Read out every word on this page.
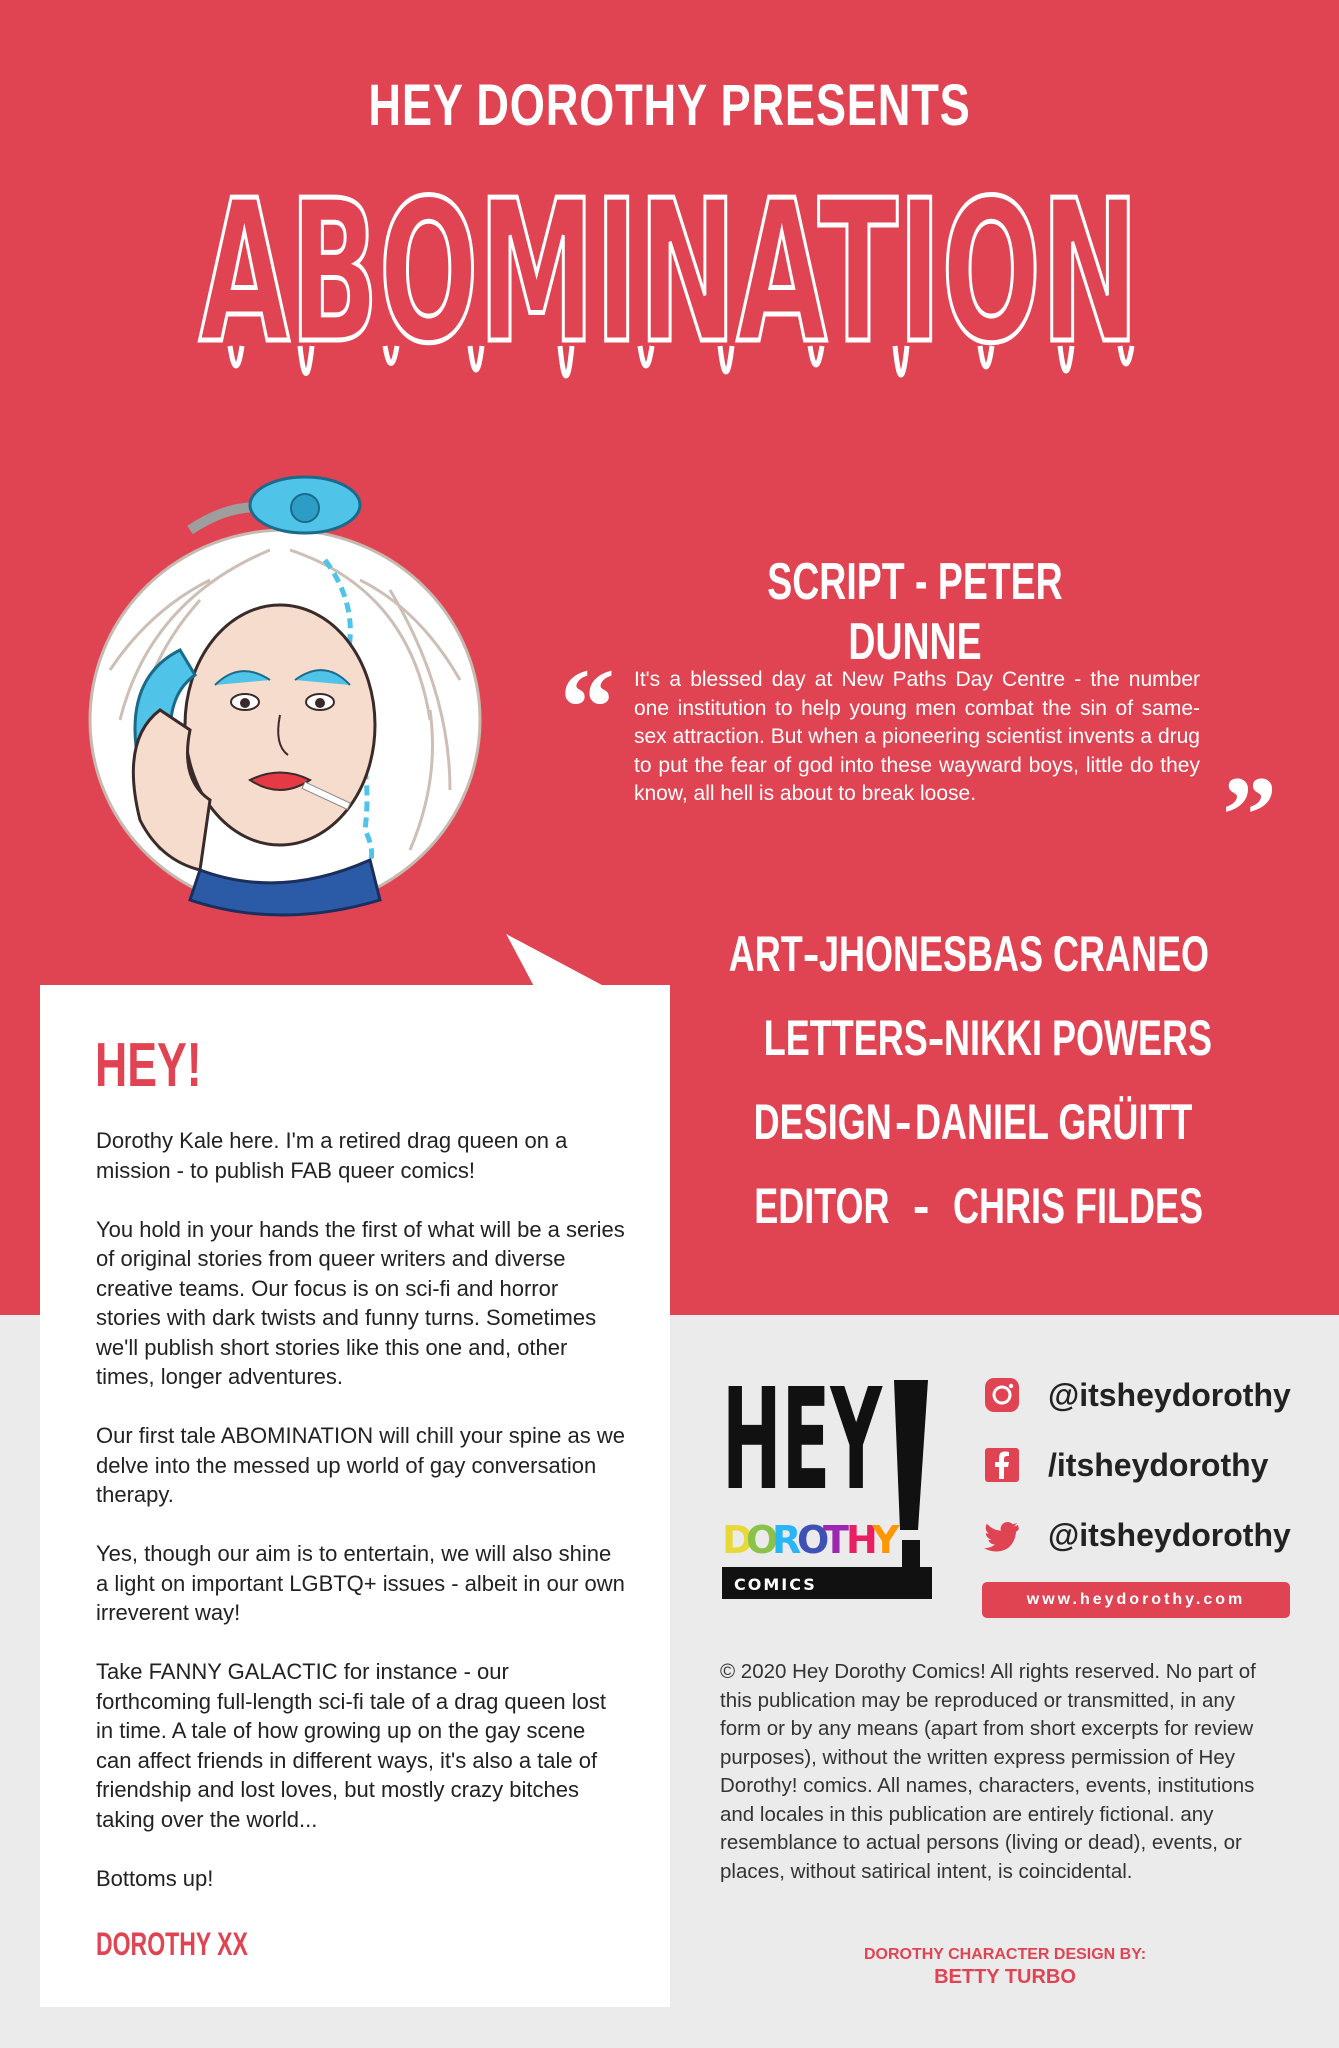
HEY DOROTHY PRESENTS
ABOMINATION
SCRIPT - PETER DUNNE
“ It's a blessed day at New Paths Day Centre - the number one institution to help young men combat the sin of same-sex attraction. But when a pioneering scientist invents a drug to put the fear of god into these wayward boys, little do they know, all hell is about to break loose.	”
ART - JHONESBAS CRANEO
LETTERS - NIKKI POWERS
DESIGN - DANIEL GRÜITT
EDITOR - CHRIS FILDES
HEY!

Dorothy Kale here. I'm a retired drag queen on a mission - to publish FAB queer comics!

You hold in your hands the first of what will be a series of original stories from queer writers and diverse creative teams. Our focus is on sci-fi and horror stories with dark twists and funny turns. Sometimes we'll publish short stories like this one and, other times, longer adventures.

Our first tale ABOMINATION will chill your spine as we delve into the messed up world of gay conversation therapy.

Yes, though our aim is to entertain, we will also shine a light on important LGBTQ+ issues - albeit in our own irreverent way!

Take FANNY GALACTIC for instance - our forthcoming full-length sci-fi tale of a drag queen lost in time. A tale of how growing up on the gay scene can affect friends in different ways, it's also a tale of friendship and lost loves, but mostly crazy bitches taking over the world...

Bottoms up!

DOROTHY XX
HEY
D
O
R
O
T
H
Y
COMICS
@itsheydorothy
/itsheydorothy
@itsheydorothy
www.heydorothy.com
© 2020 Hey Dorothy Comics! All rights reserved. No part of this publication may be reproduced or transmitted, in any form or by any means (apart from short excerpts for review purposes), without the written express permission of Hey Dorothy! comics. All names, characters, events, institutions and locales in this publication are entirely fictional. any resemblance to actual persons (living or dead), events, or places, without satirical intent, is coincidental.
DOROTHY CHARACTER DESIGN BY:
BETTY TURBO
